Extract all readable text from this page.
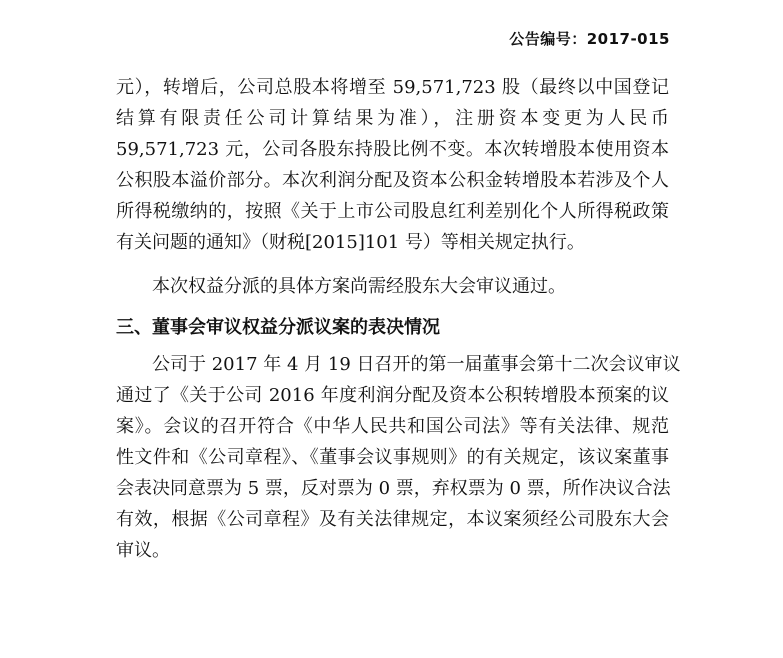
公告编号：2017-015
元），转增后，公司总股本将增至 59,571,723 股（最终以中国登记
结算有限责任公司计算结果为准），注册资本变更为人民币
59,571,723 元，公司各股东持股比例不变。本次转增股本使用资本
公积股本溢价部分。本次利润分配及资本公积金转增股本若涉及个人
所得税缴纳的，按照《关于上市公司股息红利差别化个人所得税政策
有关问题的通知》（财税[2015]101 号）等相关规定执行。
本次权益分派的具体方案尚需经股东大会审议通过。
三、董事会审议权益分派议案的表决情况
公司于 2017 年 4 月 19 日召开的第一届董事会第十二次会议审议
通过了《关于公司 2016 年度利润分配及资本公积转增股本预案的议
案》。会议的召开符合《中华人民共和国公司法》等有关法律、规范
性文件和《公司章程》、《董事会议事规则》的有关规定，该议案董事
会表决同意票为 5 票，反对票为 0 票，弃权票为 0 票，所作决议合法
有效，根据《公司章程》及有关法律规定，本议案须经公司股东大会
审议。
